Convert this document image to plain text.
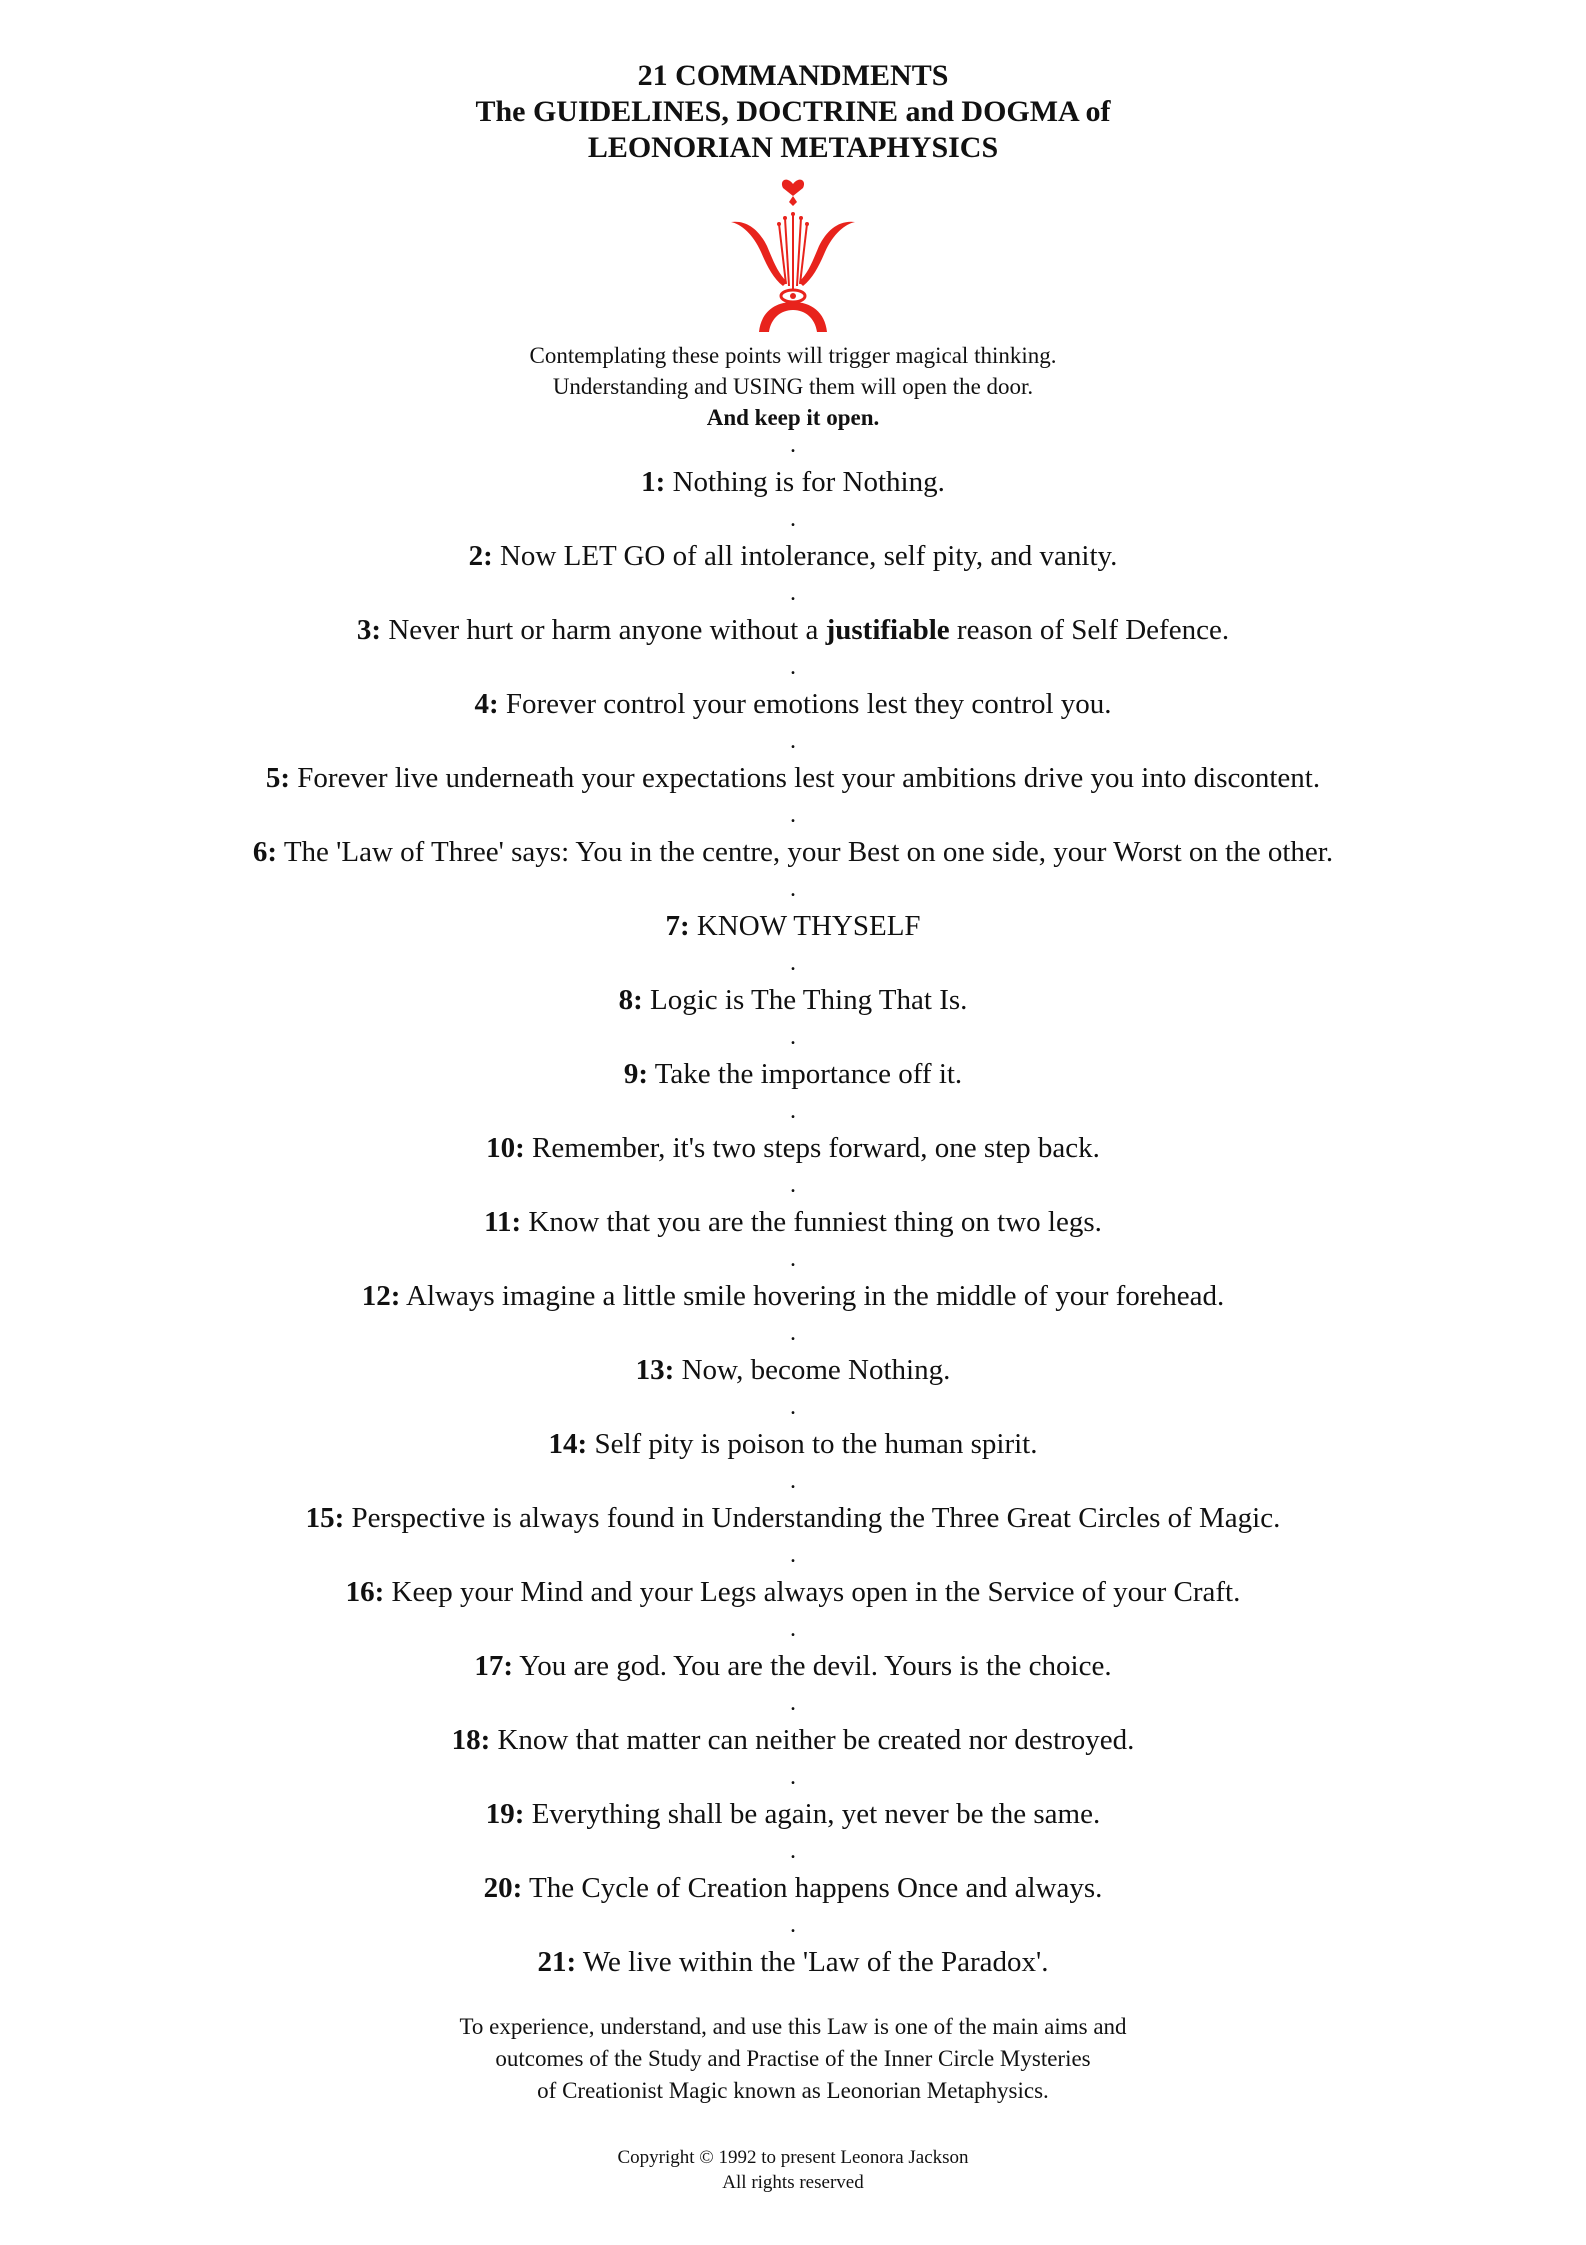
21 COMMANDMENTS
The GUIDELINES, DOCTRINE and DOGMA of
LEONORIAN METAPHYSICS
Contemplating these points will trigger magical thinking.
Understanding and USING them will open the door.
And keep it open.
.
1: Nothing is for Nothing.
.
2: Now LET GO of all intolerance, self pity, and vanity.
.
3: Never hurt or harm anyone without a justifiable reason of Self Defence.
.
4: Forever control your emotions lest they control you.
.
5: Forever live underneath your expectations lest your ambitions drive you into discontent.
.
6: The 'Law of Three' says: You in the centre, your Best on one side, your Worst on the other.
.
7: KNOW THYSELF
.
8: Logic is The Thing That Is.
.
9: Take the importance off it.
.
10: Remember, it's two steps forward, one step back.
.
11: Know that you are the funniest thing on two legs.
.
12: Always imagine a little smile hovering in the middle of your forehead.
.
13: Now, become Nothing.
.
14: Self pity is poison to the human spirit.
.
15: Perspective is always found in Understanding the Three Great Circles of Magic.
.
16: Keep your Mind and your Legs always open in the Service of your Craft.
.
17: You are god. You are the devil. Yours is the choice.
.
18: Know that matter can neither be created nor destroyed.
.
19: Everything shall be again, yet never be the same.
.
20: The Cycle of Creation happens Once and always.
.
21: We live within the 'Law of the Paradox'.
To experience, understand, and use this Law is one of the main aims and
outcomes of the Study and Practise of the Inner Circle Mysteries
of Creationist Magic known as Leonorian Metaphysics.
Copyright © 1992 to present Leonora Jackson
All rights reserved
